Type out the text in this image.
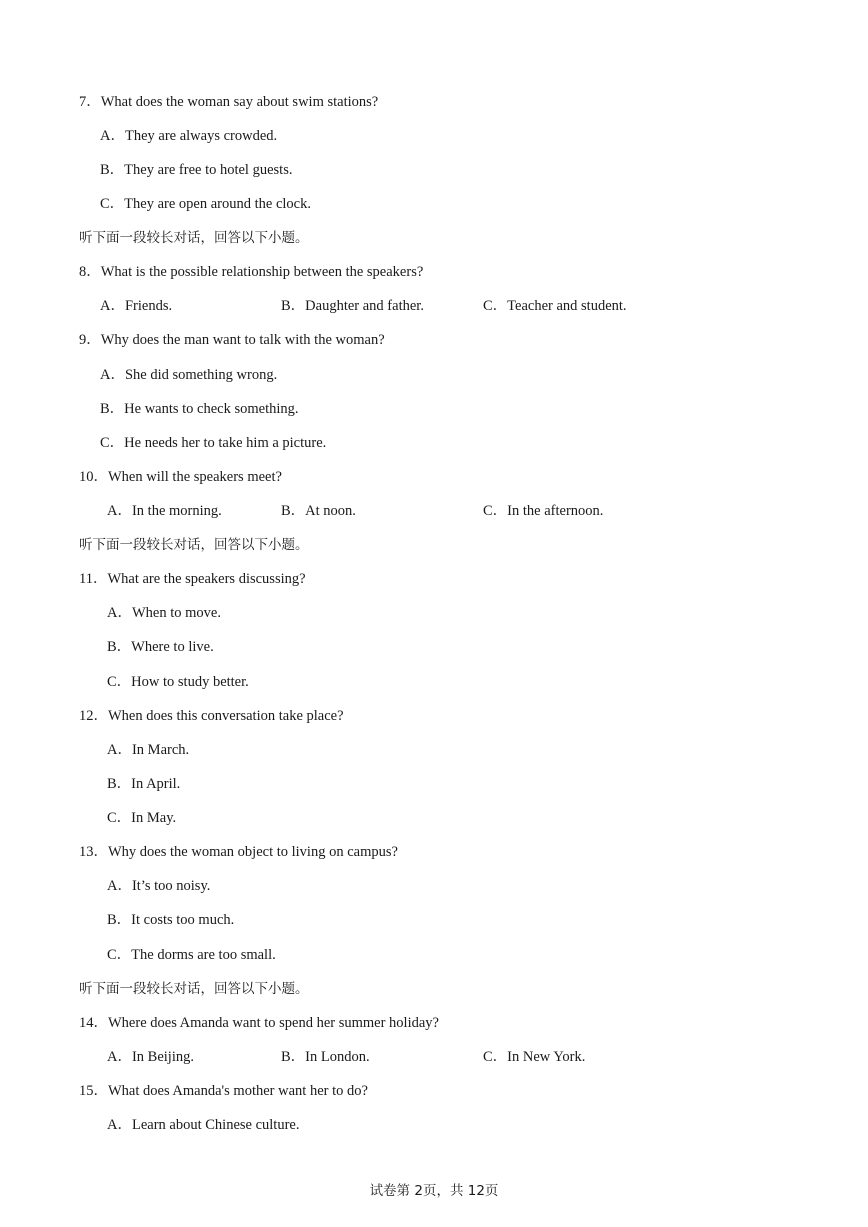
7．What does the woman say about swim stations?
A．They are always crowded.
B．They are free to hotel guests.
C．They are open around the clock.
听下面一段较长对话，回答以下小题。
8．What is the possible relationship between the speakers?
A．Friends.	B．Daughter and father.	C．Teacher and student.
9．Why does the man want to talk with the woman?
A．She did something wrong.
B．He wants to check something.
C．He needs her to take him a picture.
10．When will the speakers meet?
A．In the morning.	B．At noon.	C．In the afternoon.
听下面一段较长对话，回答以下小题。
11．What are the speakers discussing?
A．When to move.
B．Where to live.
C．How to study better.
12．When does this conversation take place?
A．In March.
B．In April.
C．In May.
13．Why does the woman object to living on campus?
A．It’s too noisy.
B．It costs too much.
C．The dorms are too small.
听下面一段较长对话，回答以下小题。
14．Where does Amanda want to spend her summer holiday?
A．In Beijing.	B．In London.	C．In New York.
15．What does Amanda's mother want her to do?
A．Learn about Chinese culture.
试卷第 2页，共 12页
